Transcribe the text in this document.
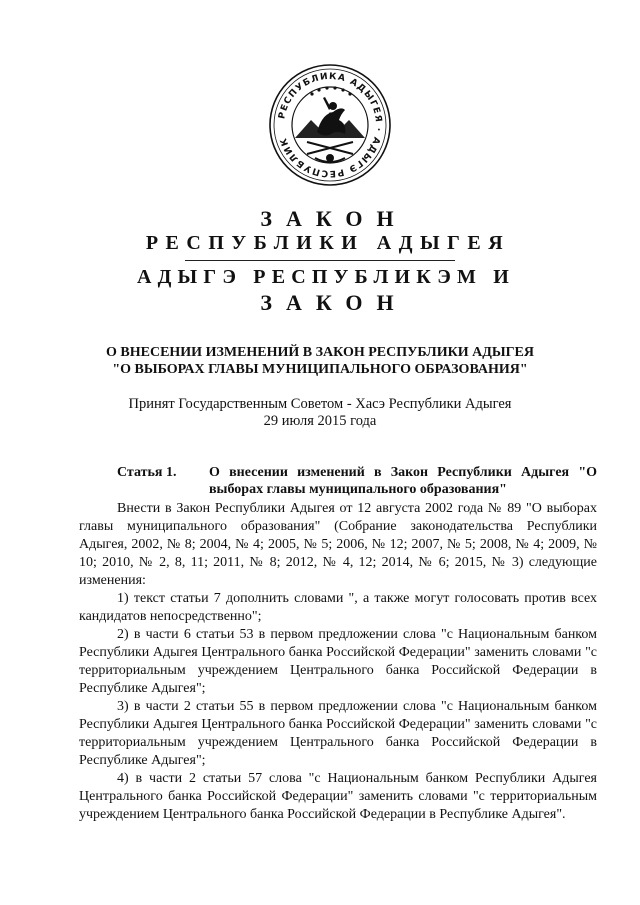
РЕСПУБЛИКА АДЫГЕЯ · АДЫГЭ РЕСПУБЛИК
ЗАКОН
РЕСПУБЛИКИ АДЫГЕЯ
АДЫГЭ РЕСПУБЛИКЭМ И
ЗАКОН
О ВНЕСЕНИИ ИЗМЕНЕНИЙ В ЗАКОН РЕСПУБЛИКИ АДЫГЕЯ
"О ВЫБОРАХ ГЛАВЫ МУНИЦИПАЛЬНОГО ОБРАЗОВАНИЯ"
Принят Государственным Советом - Хасэ Республики Адыгея
29 июля 2015 года
Статья 1. О внесении изменений в Закон Республики Адыгея "О выборах главы муниципального образования"

Внести в Закон Республики Адыгея от 12 августа 2002 года № 89 "О выборах главы муниципального образования" (Собрание законодательства Республики Адыгея, 2002, № 8; 2004, № 4; 2005, № 5; 2006, № 12; 2007, № 5; 2008, № 4; 2009, № 10; 2010, № 2, 8, 11; 2011, № 8; 2012, № 4, 12; 2014, № 6; 2015, № 3) следующие изменения:

1) текст статьи 7 дополнить словами ", а также могут голосовать против всех кандидатов непосредственно";

2) в части 6 статьи 53 в первом предложении слова "с Национальным банком Республики Адыгея Центрального банка Российской Федерации" заменить словами "с территориальным учреждением Центрального банка Российской Федерации в Республике Адыгея";

3) в части 2 статьи 55 в первом предложении слова "с Национальным банком Республики Адыгея Центрального банка Российской Федерации" заменить словами "с территориальным учреждением Центрального банка Российской Федерации в Республике Адыгея";

4) в части 2 статьи 57 слова "с Национальным банком Республики Адыгея Центрального банка Российской Федерации" заменить словами "с территориальным учреждением Центрального банка Российской Федерации в Республике Адыгея".
